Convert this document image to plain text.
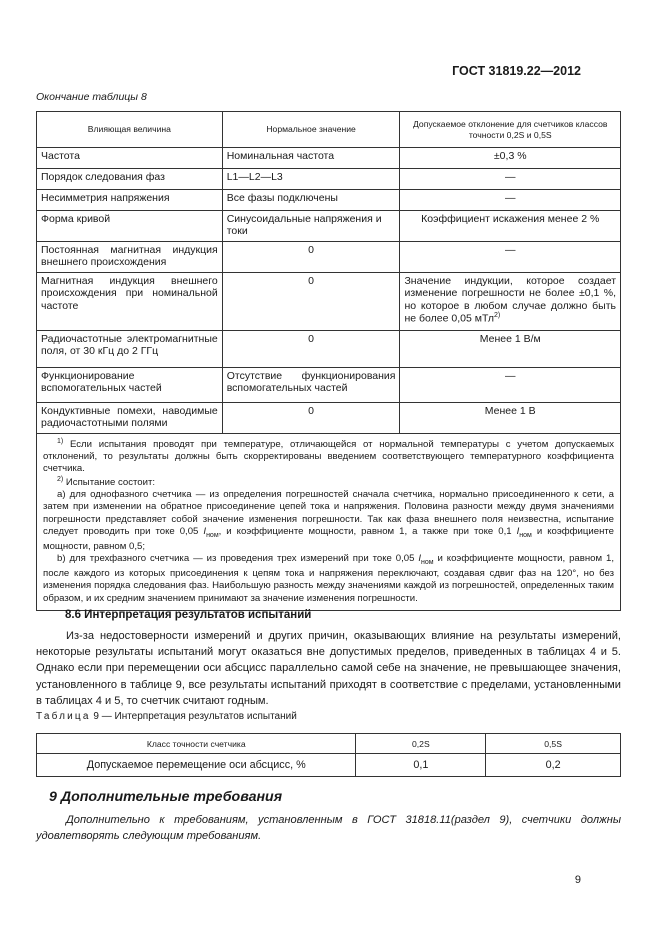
ГОСТ 31819.22—2012
Окончание таблицы 8
Влияющая величина	Нормальное значение	Допускаемое отклонение для счетчиков классов точности 0,2S и 0,5S
Частота	Номинальная частота	±0,3 %
Порядок следования фаз	L1—L2—L3	—
Несимметрия напряжения	Все фазы подключены	—
Форма кривой	Синусоидальные напряжения и токи	Коэффициент искажения менее 2 %
Постоянная магнитная индукция внешнего происхождения	0	—
Магнитная индукция внешнего происхождения при номинальной частоте	0	Значение индукции, которое создает изменение погрешности не более ±0,1 %, но которое в любом случае должно быть не более 0,05 мТл$^{2)}$
Радиочастотные электромагнитные поля, от 30 кГц до 2 ГГц	0	Менее 1 В/м
Функционирование вспомогательных частей	Отсутствие функционирования вспомогательных частей	—
Кондуктивные помехи, наводимые радиочастотными полями	0	Менее 1 В

$^{1)}$ Если испытания проводят при температуре, отличающейся от нормальной температуры с учетом допускаемых отклонений, то результаты должны быть скорректированы введением соответствующего температурного коэффициента счетчика.

$^{2)}$ Испытание состоит:

а) для однофазного счетчика — из определения погрешностей сначала счетчика, нормально присоединенного к сети, а затем при изменении на обратное присоединение цепей тока и напряжения. Половина разности между двумя значениями погрешности представляет собой значение изменения погрешности. Так как фаза внешнего поля неизвестна, испытание следует проводить при токе 0,05 $I_{ном}$, и коэффициенте мощности, равном 1, а также при токе 0,1 $I_{ном}$ и коэффициенте мощности, равном 0,5;

b) для трехфазного счетчика — из проведения трех измерений при токе 0,05 $I_{ном}$ и коэффициенте мощности, равном 1, после каждого из которых присоединения к цепям тока и напряжения переключают, создавая сдвиг фаз на 120°, но без изменения порядка следования фаз. Наибольшую разность между значениями каждой из погрешностей, определенных таким образом, и их средним значением принимают за значение изменения погрешности.		

8.6 Интерпретация результатов испытаний

Из-за недостоверности измерений и других причин, оказывающих влияние на результаты измерений, некоторые результаты испытаний могут оказаться вне допустимых пределов, приведенных в таблицах 4 и 5. Однако если при перемещении оси абсцисс параллельно самой себе на значение, не превышающее значения, установленного в таблице 9, все результаты испытаний приходят в соответствие с пределами, установленными в таблицах 4 и 5, то счетчик считают годным.

Таблица 9 — Интерпретация результатов испытаний
Класс точности счетчика	0,2S	0,5S
Допускаемое перемещение оси абсцисс, %	0,1	0,2
9 Дополнительные требования

Дополнительно к требованиям, установленным в ГОСТ 31818.11(раздел 9), счетчики должны удовлетворять следующим требованиям.

9
